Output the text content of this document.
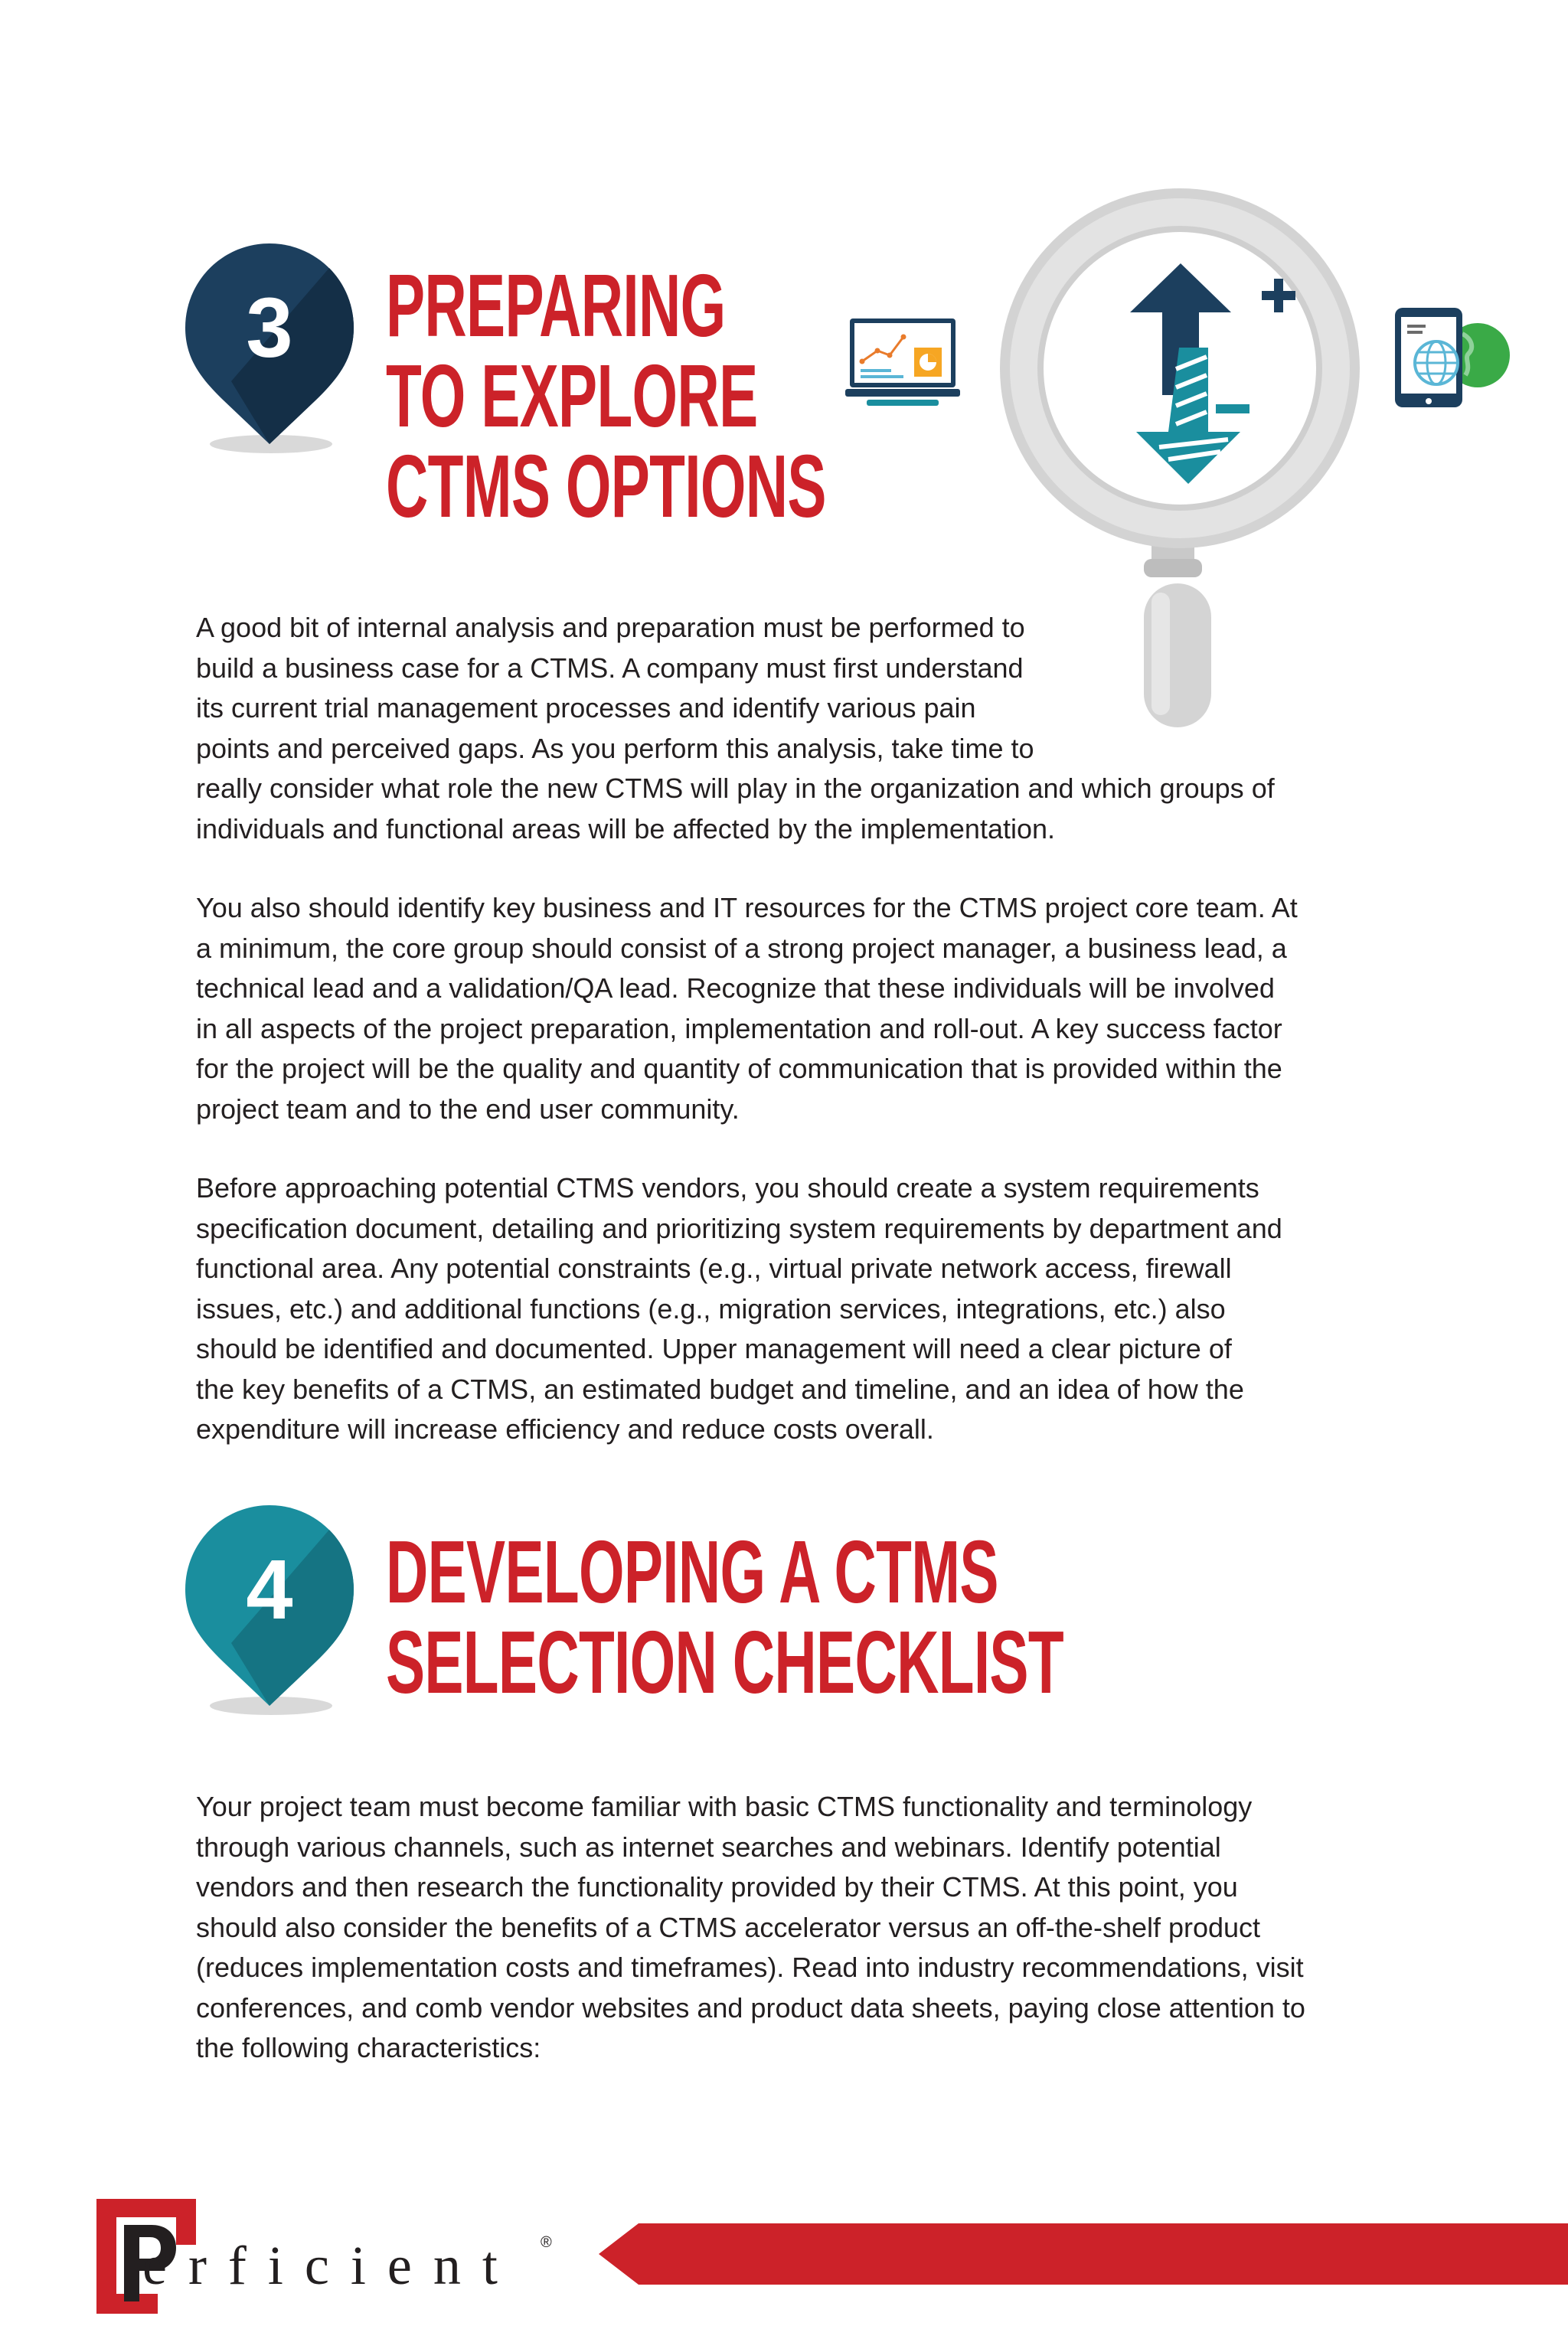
3	PREPARING
TO EXPLORE
CTMS OPTIONS
A good bit of internal analysis and preparation must be performed to
build a business case for a CTMS. A company must first understand
its current trial management processes and identify various pain
points and perceived gaps. As you perform this analysis, take time to
really consider what role the new CTMS will play in the organization and which groups of
individuals and functional areas will be affected by the implementation.
You also should identify key business and IT resources for the CTMS project core team. At
a minimum, the core group should consist of a strong project manager, a business lead, a
technical lead and a validation/QA lead. Recognize that these individuals will be involved
in all aspects of the project preparation, implementation and roll-out. A key success factor
for the project will be the quality and quantity of communication that is provided within the
project team and to the end user community.
Before approaching potential CTMS vendors, you should create a system requirements
specification document, detailing and prioritizing system requirements by department and
functional area. Any potential constraints (e.g., virtual private network access, firewall
issues, etc.) and additional functions (e.g., migration services, integrations, etc.) also
should be identified and documented. Upper management will need a clear picture of
the key benefits of a CTMS, an estimated budget and timeline, and an idea of how the
expenditure will increase efficiency and reduce costs overall.
4	DEVELOPING A CTMS
SELECTION CHECKLIST
Your project team must become familiar with basic CTMS functionality and terminology
through various channels, such as internet searches and webinars. Identify potential
vendors and then research the functionality provided by their CTMS. At this point, you
should also consider the benefits of a CTMS accelerator versus an off-the-shelf product
(reduces implementation costs and timeframes). Read into industry recommendations, visit
conferences, and comb vendor websites and product data sheets, paying close attention to
the following characteristics:
erficient ®
